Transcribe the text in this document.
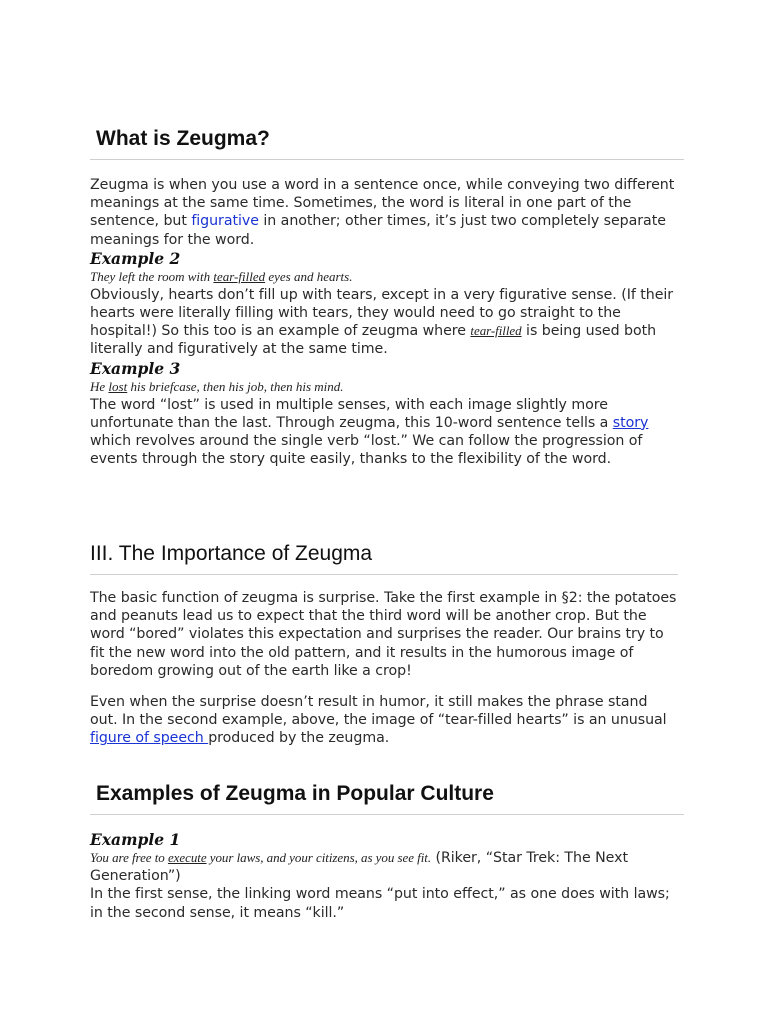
What is Zeugma?

Zeugma is when you use a word in a sentence once, while conveying two different meanings at the same time. Sometimes, the word is literal in one part of the sentence, but figurative in another; other times, it’s just two completely separate meanings for the word.

Example 2
They left the room with tear-filled eyes and hearts.

Obviously, hearts don’t fill up with tears, except in a very figurative sense. (If their hearts were literally filling with tears, they would need to go straight to the hospital!) So this too is an example of zeugma where tear-filled is being used both literally and figuratively at the same time.

Example 3
He lost his briefcase, then his job, then his mind.

The word “lost” is used in multiple senses, with each image slightly more unfortunate than the last. Through zeugma, this 10-word sentence tells a story which revolves around the single verb “lost.” We can follow the progression of events through the story quite easily, thanks to the flexibility of the word.

III. The Importance of Zeugma

The basic function of zeugma is surprise. Take the first example in §2: the potatoes and peanuts lead us to expect that the third word will be another crop. But the word “bored” violates this expectation and surprises the reader. Our brains try to fit the new word into the old pattern, and it results in the humorous image of boredom growing out of the earth like a crop!

Even when the surprise doesn’t result in humor, it still makes the phrase stand out. In the second example, above, the image of “tear-filled hearts” is an unusual figure of speech produced by the zeugma.

Examples of Zeugma in Popular Culture
Example 1

You are free to execute your laws, and your citizens, as you see fit. (Riker, “Star Trek: The Next Generation”)

In the first sense, the linking word means “put into effect,” as one does with laws; in the second sense, it means “kill.”
